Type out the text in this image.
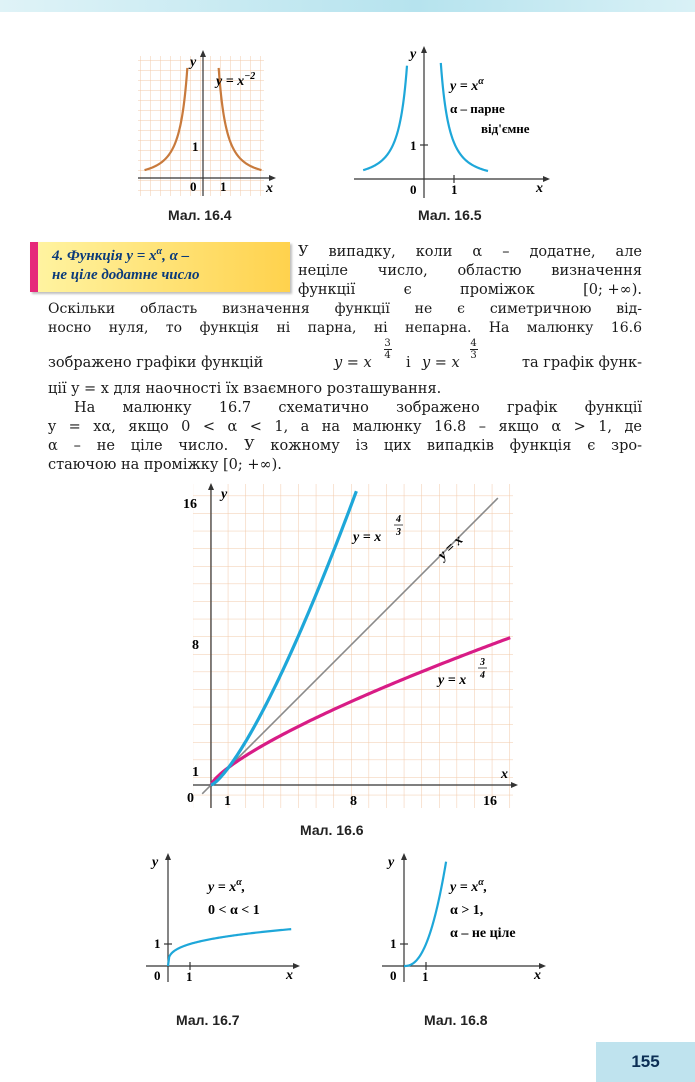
y
x
1
0 1
$y = x^{-2}$
Мал. 16.4
y
x
1
0	1
$y = x^\alpha$
α – парне
від'ємне
Мал. 16.5
4. Функція $y = x^\alpha$, α –
не ціле додатне число
У випадку, коли α – додатне, але
неціле число, областю визначення
функції	є	проміжок	[0; +∞).
Оскільки область визначення функції не є симетричною від-
носно нуля, то функція ні парна, ні непарна. На малюнку 16.6
зображено графіки функцій	y = x
3
4 і y = x
4
3	та графік функ-
ції y = x для наочності їх взаємного розташування.
На малюнку 16.7 схематично зображено графік функції
y = xα, якщо 0 < α < 1, а на малюнку 16.8 – якщо α > 1, де
α – не ціле число. У кожному із цих випадків функція є зро-
стаючою на проміжку [0; +∞).
y
x
0
16
8
1
1	8	16
y = x
4
3
y = x
y = x
3
4
Мал. 16.6
y
x
1
0 1
$y = x^\alpha$,
0 < α < 1
Мал. 16.7
y
x
1
0 1
$y = x^\alpha$,
α > 1,
α – не ціле
Мал. 16.8
155
